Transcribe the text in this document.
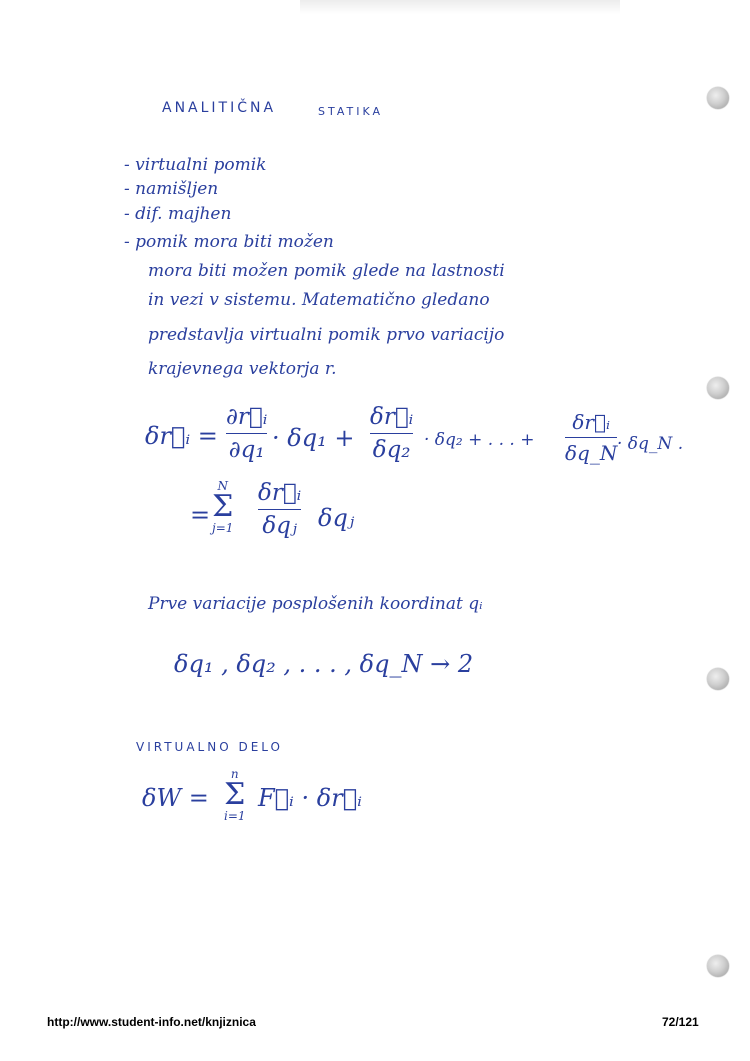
ANALITIČNA	STATIKA
- virtualni pomik
- namišljen
- dif. majhen
- pomik mora biti možen
mora biti možen pomik glede na lastnosti
in vezi v sistemu. Matematično gledano
predstavlja virtualni pomik prvo variacijo
krajevnega vektorja r.
δr⃗ᵢ =
∂r⃗ᵢ
∂q₁ · δq₁ +
δr⃗ᵢ
δq₂ · δq₂ + . . . +
δr⃗ᵢ
δq_N · δq_N .
=
N
Σ
j=1
δr⃗ᵢ
δqⱼ δqⱼ
Prve variacije posplošenih koordinat qᵢ
δq₁ , δq₂ , . . . , δq_N → 2
VIRTUALNO DELO
δW =
n
Σ
i=1
F⃗ᵢ · δr⃗ᵢ
http://www.student-info.net/knjiznica	72/121
